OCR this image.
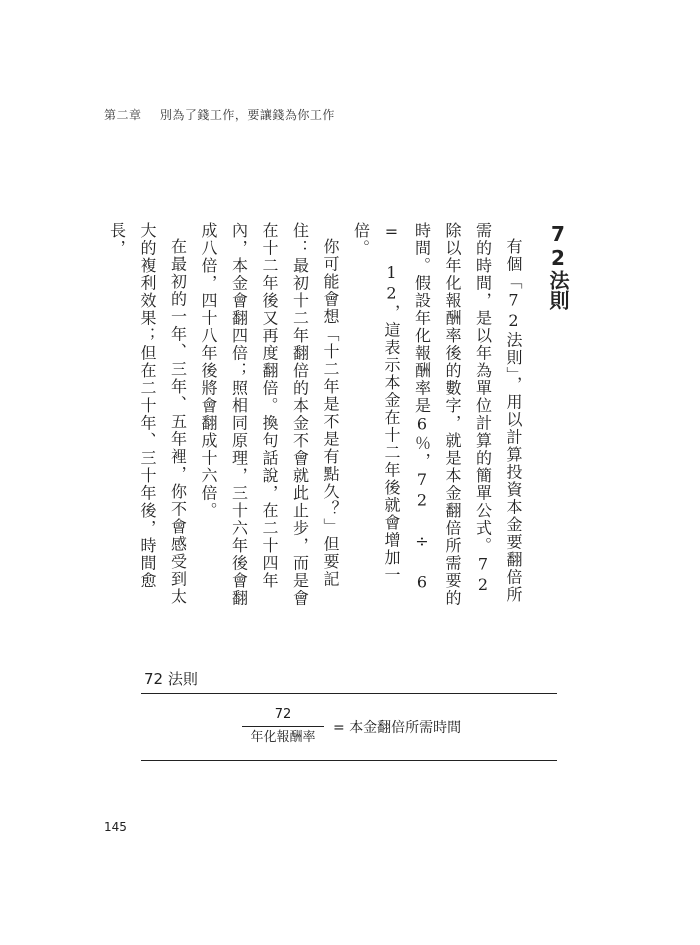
第二章 別為了錢工作，要讓錢為你工作
72法則

有個「72法則」，用以計算投資本金要翻倍所需的時間，是以年為單位計算的簡單公式。72除以年化報酬率後的數字，就是本金翻倍所需要的時間。假設年化報酬率是6％，72 ÷ 6 = 12，這表示本金在十二年後就會增加一倍。

你可能會想「十二年是不是有點久？」但要記住：最初十二年翻倍的本金不會就此止步，而是會在十二年後又再度翻倍。換句話說，在二十四年內，本金會翻四倍；照相同原理，三十六年後會翻成八倍，四十八年後將會翻成十六倍。

在最初的一年、三年、五年裡，你不會感受到太大的複利效果；但在二十年、三十年後，時間愈長，

72 法則
72
年化報酬率
= 本金翻倍所需時間
145
